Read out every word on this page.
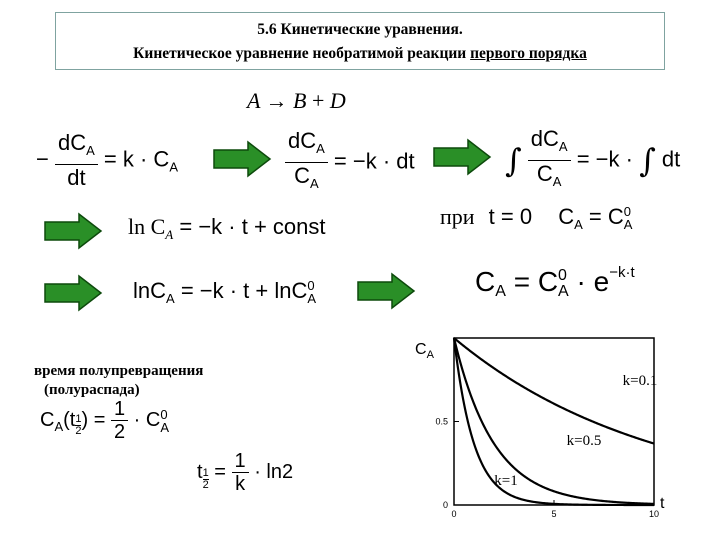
5.6 Кинетические уравнения.
Кинетическое уравнение необратимой реакции первого порядка
A → B + D
− $\frac{dC_A}{dt} = k \cdot C_A$	$\frac{dC_A}{C_A} = -k$ · dt	∫ $\frac{dC_A}{C_A} = -k$ · ∫ dt
$\ln C_A = -k \cdot t$ + const	при t = 0 $C_A = C$ 0
A
lnC$_A$ = −k · t + lnC 0
A
$C_A = C$ 0
$A \cdot e^{-k\cdot t}$
время полупревращения
(полураспада)
$C_A(t \frac{1}{2}$ ) = $\frac{1}{2} \cdot C$ 0
A
t $\frac{1}{2} = \frac{1}{k} \cdot \ln 2$
$C_A$
t
0	5	10
0
0.5
k=0.1
k=0.5
k=1
